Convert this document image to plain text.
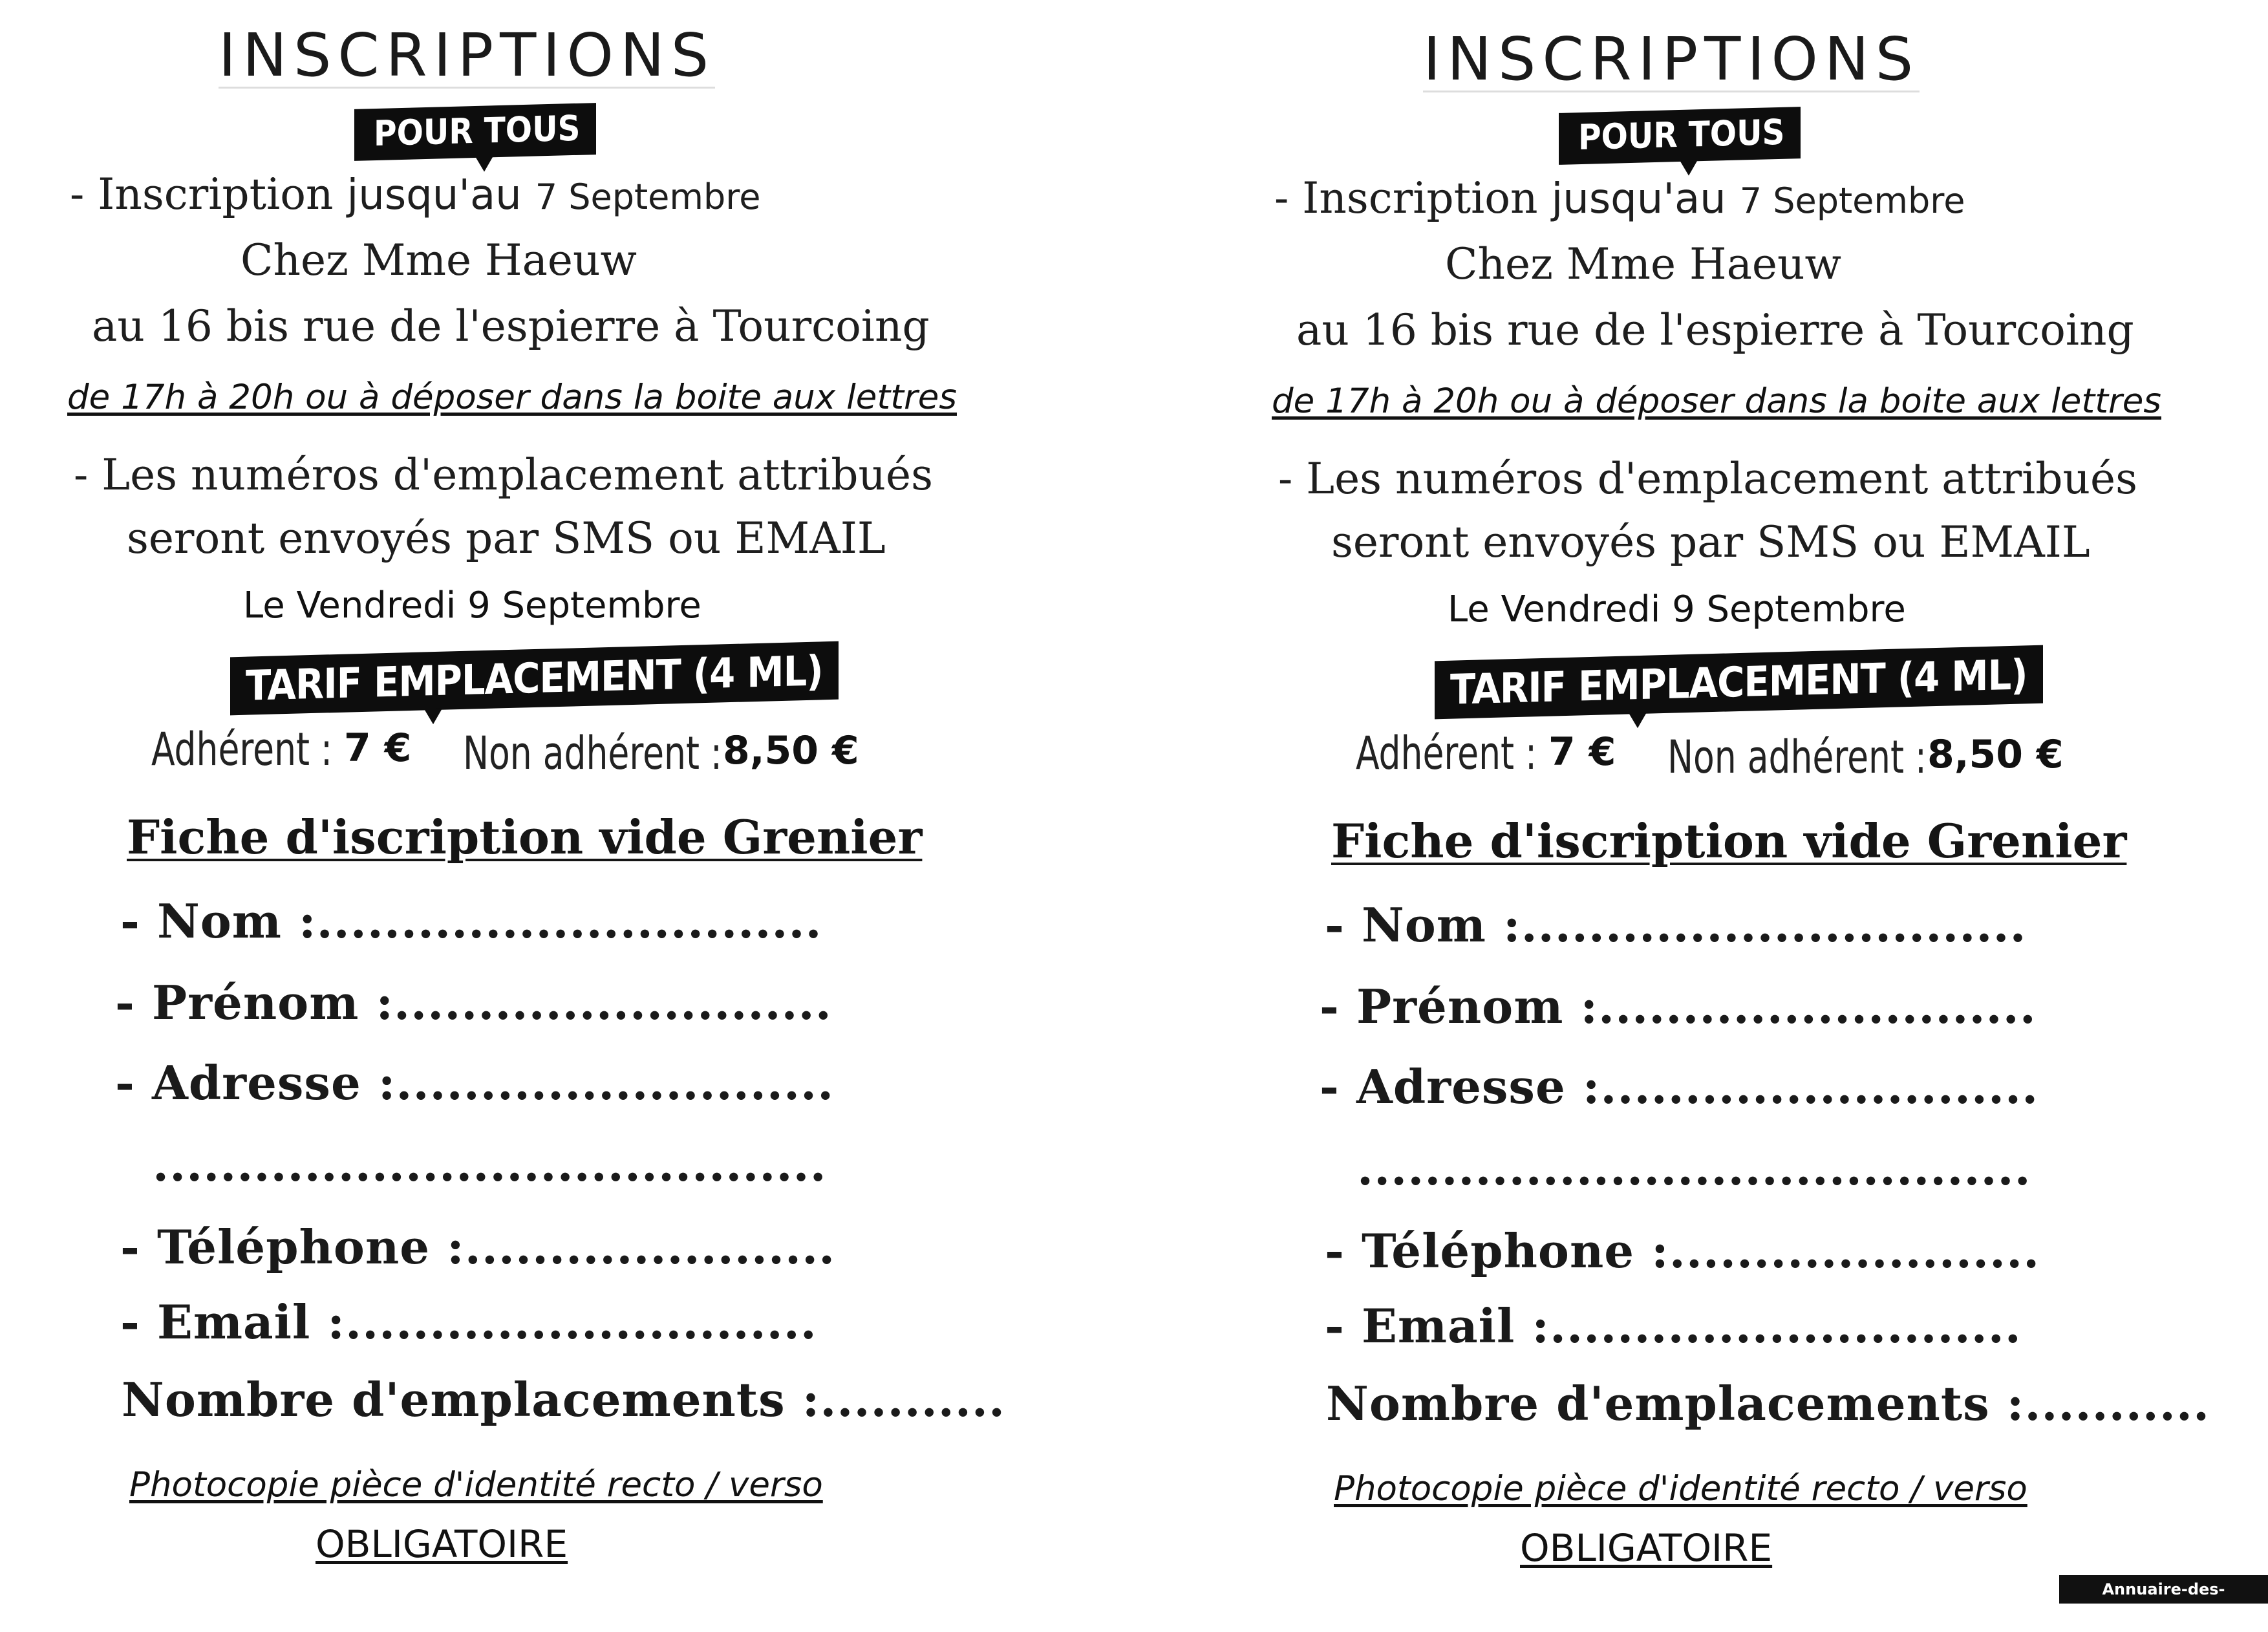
INSCRIPTIONS
POUR TOUS
- Inscription jusqu'au 7 Septembre
Chez Mme Haeuw
au 16 bis rue de l'espierre à Tourcoing
de 17h à 20h ou à déposer dans la boite aux lettres
- Les numéros d'emplacement attribués
seront envoyés par SMS ou EMAIL
Le Vendredi 9 Septembre
TARIF EMPLACEMENT (4 ML)
Adhérent : 7 € Non adhérent : 8,50 €
Fiche d'iscription vide Grenier
- Nom :..............................
- Prénom :..........................
- Adresse :..........................
........................................
- Téléphone :......................
- Email :............................
Nombre d'emplacements :...........
Photocopie pièce d'identité recto / verso
OBLIGATOIRE
INSCRIPTIONS
POUR TOUS
- Inscription jusqu'au 7 Septembre
Chez Mme Haeuw
au 16 bis rue de l'espierre à Tourcoing
de 17h à 20h ou à déposer dans la boite aux lettres
- Les numéros d'emplacement attribués
seront envoyés par SMS ou EMAIL
Le Vendredi 9 Septembre
TARIF EMPLACEMENT (4 ML)
Adhérent : 7 € Non adhérent : 8,50 €
Fiche d'iscription vide Grenier
- Nom :..............................
- Prénom :..........................
- Adresse :..........................
........................................
- Téléphone :......................
- Email :............................
Nombre d'emplacements :...........
Photocopie pièce d'identité recto / verso
OBLIGATOIRE
Annuaire-des-brocantes.com
